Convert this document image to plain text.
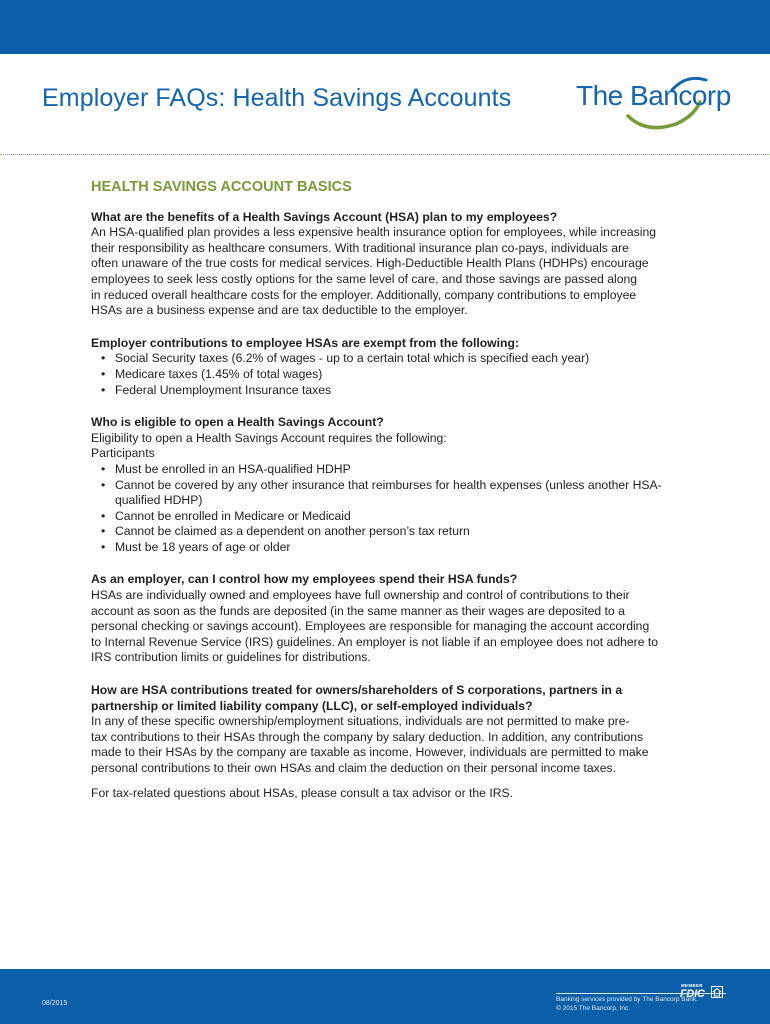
Employer FAQs: Health Savings Accounts The Bancorp
HEALTH SAVINGS ACCOUNT BASICS
What are the benefits of a Health Savings Account (HSA) plan to my employees?
An HSA-qualified plan provides a less expensive health insurance option for employees, while increasing
their responsibility as healthcare consumers. With traditional insurance plan co-pays, individuals are
often unaware of the true costs for medical services. High-Deductible Health Plans (HDHPs) encourage
employees to seek less costly options for the same level of care, and those savings are passed along
in reduced overall healthcare costs for the employer. Additionally, company contributions to employee
HSAs are a business expense and are tax deductible to the employer.
Employer contributions to employee HSAs are exempt from the following:
• Social Security taxes (6.2% of wages - up to a certain total which is specified each year)
• Medicare taxes (1.45% of total wages)
• Federal Unemployment Insurance taxes
Who is eligible to open a Health Savings Account?
Eligibility to open a Health Savings Account requires the following:
Participants
• Must be enrolled in an HSA-qualified HDHP
• Cannot be covered by any other insurance that reimburses for health expenses (unless another HSA-qualified HDHP)
• Cannot be enrolled in Medicare or Medicaid
• Cannot be claimed as a dependent on another person’s tax return
• Must be 18 years of age or older
As an employer, can I control how my employees spend their HSA funds?
HSAs are individually owned and employees have full ownership and control of contributions to their
account as soon as the funds are deposited (in the same manner as their wages are deposited to a
personal checking or savings account). Employees are responsible for managing the account according
to Internal Revenue Service (IRS) guidelines. An employer is not liable if an employee does not adhere to
IRS contribution limits or guidelines for distributions.
How are HSA contributions treated for owners/shareholders of S corporations, partners in a
partnership or limited liability company (LLC), or self-employed individuals?
In any of these specific ownership/employment situations, individuals are not permitted to make pre-
tax contributions to their HSAs through the company by salary deduction. In addition, any contributions
made to their HSAs by the company are taxable as income. However, individuals are permitted to make
personal contributions to their own HSAs and claim the deduction on their personal income taxes.
For tax-related questions about HSAs, please consult a tax advisor or the IRS.
08/2015
MEMBER
FDIC
Banking services provided by The Bancorp Bank.
© 2015 The Bancorp, Inc.
